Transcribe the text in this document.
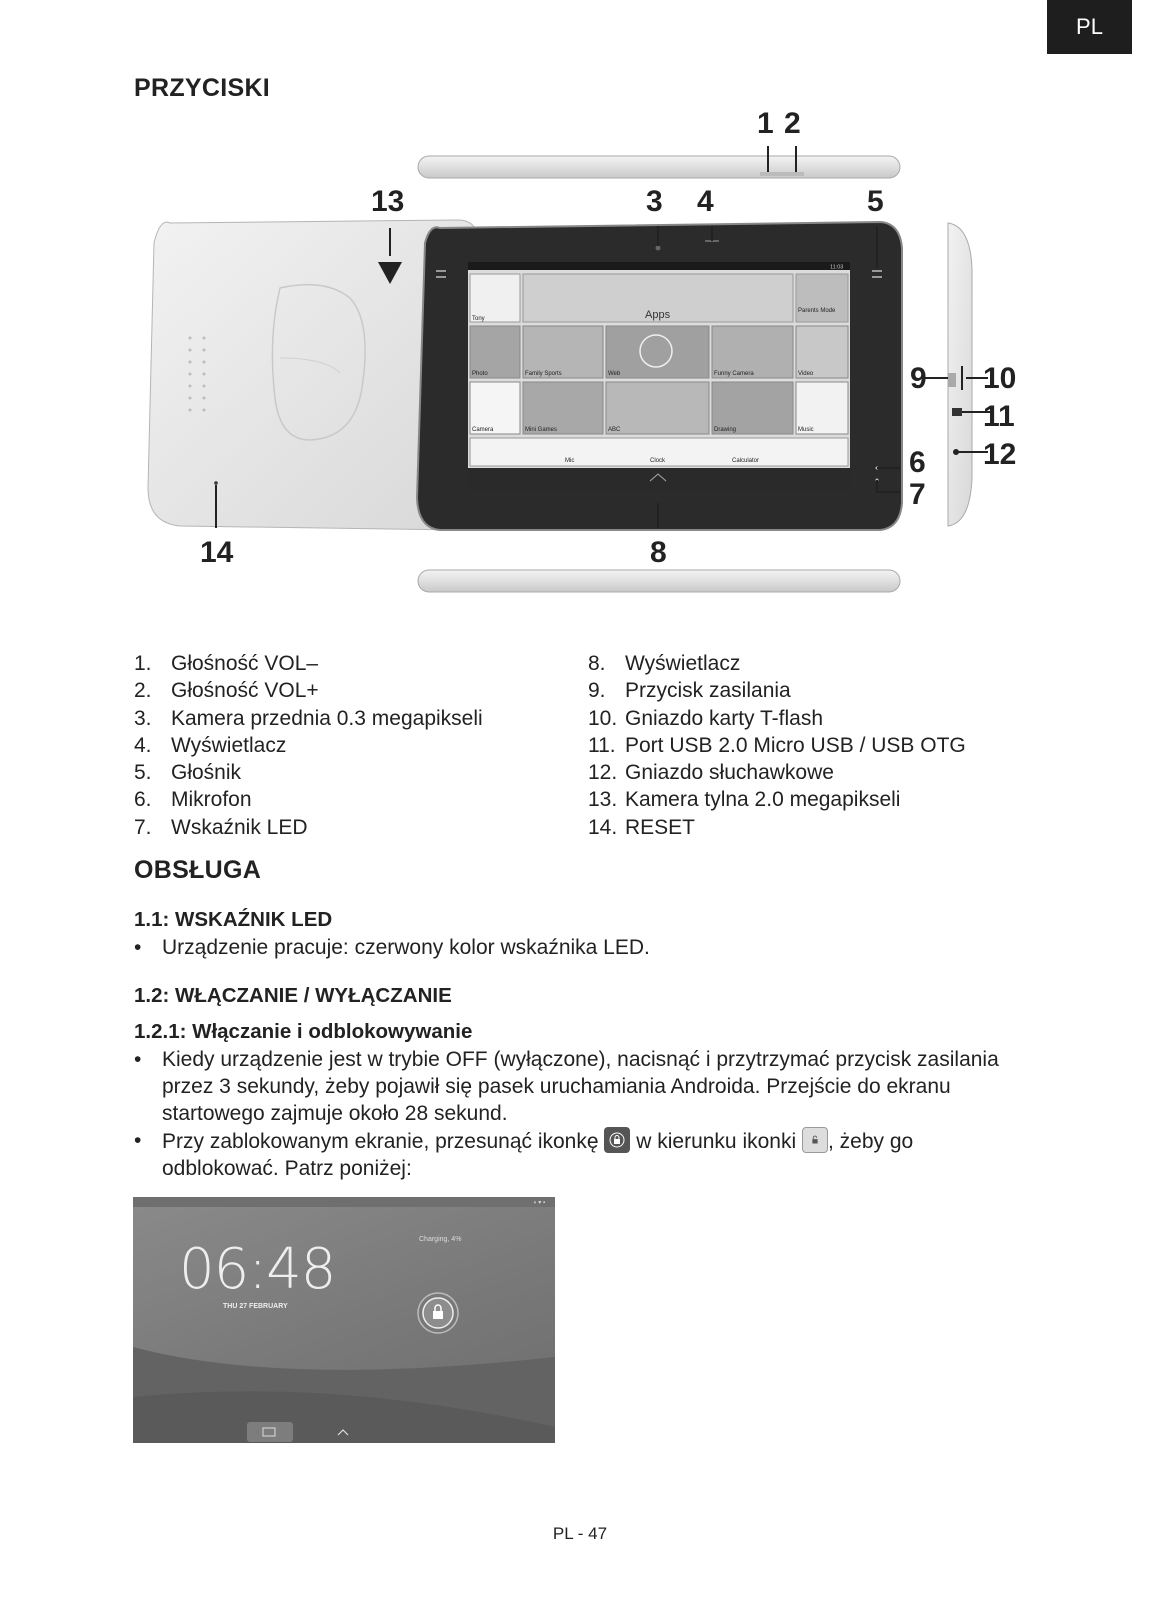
PL
PRZYCISKI
11:03
Apps
Tony
Parents Mode
Photo	Family Sports	Web	Funny Camera	Video
Camera	Mini Games	ABC	Drawing	Music
Mic	Clock	Calculator
1 2
3 4	5
6
7
8
9 10
11
12
13
14
1. Głośność VOL–
2. Głośność VOL+
3. Kamera przednia 0.3 megapikseli
4. Wyświetlacz
5. Głośnik
6. Mikrofon
7. Wskaźnik LED
8. Wyświetlacz
9. Przycisk zasilania
10. Gniazdo karty T-flash
11. Port USB 2.0 Micro USB / USB OTG
12. Gniazdo słuchawkowe
13. Kamera tylna 2.0 megapikseli
14. RESET
OBSŁUGA
1.1: WSKAŹNIK LED
• Urządzenie pracuje: czerwony kolor wskaźnika LED.
1.2: WŁĄCZANIE / WYŁĄCZANIE
1.2.1: Włączanie i odblokowywanie
• Kiedy urządzenie jest w trybie OFF (wyłączone), nacisnąć i przytrzymać przycisk zasilania przez 3 sekundy, żeby pojawił się pasek uruchamiania Androida. Przejście do ekranu startowego zajmuje około 28 sekund.
• Przy zablokowanym ekranie, przesunąć ikonkę w kierunku ikonki , żeby go
odblokować. Patrz poniżej:
◖ ▾ ▪
06:48
THU 27 FEBRUARY
Charging, 4%
PL - 47
